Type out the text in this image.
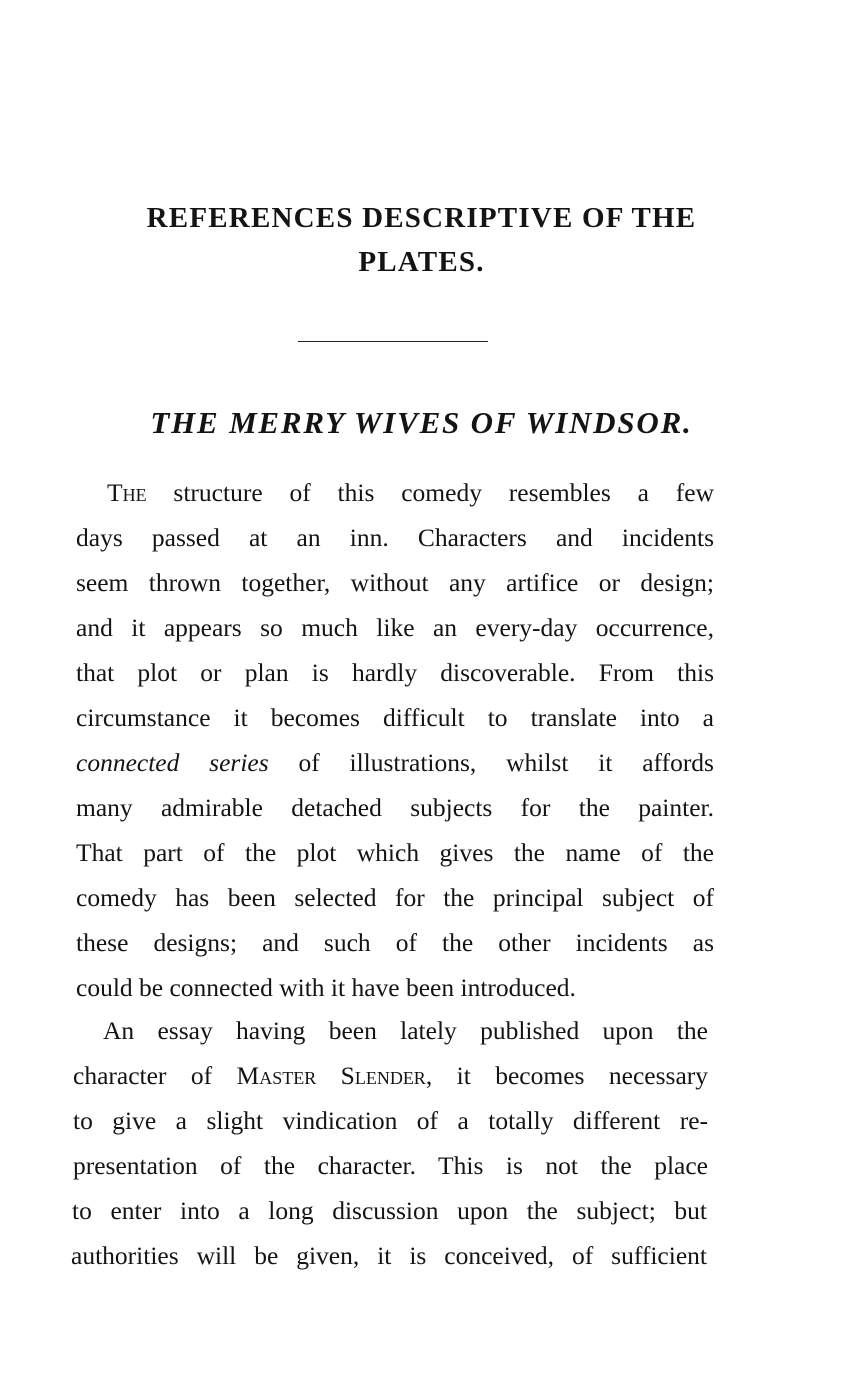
REFERENCES DESCRIPTIVE OF THE
PLATES.
THE MERRY WIVES OF WINDSOR.
The structure of this comedy resembles a few
days passed at an inn. Characters and incidents
seem thrown together, without any artifice or design;
and it appears so much like an every-day occurrence,
that plot or plan is hardly discoverable. From this
circumstance it becomes difficult to translate into a
connected series of illustrations, whilst it affords
many admirable detached subjects for the painter.
That part of the plot which gives the name of the
comedy has been selected for the principal subject of
these designs; and such of the other incidents as
could be connected with it have been introduced.
An essay having been lately published upon the
character of Master Slender, it becomes necessary
to give a slight vindication of a totally different re-
presentation of the character. This is not the place
to enter into a long discussion upon the subject; but
authorities will be given, it is conceived, of sufficient
